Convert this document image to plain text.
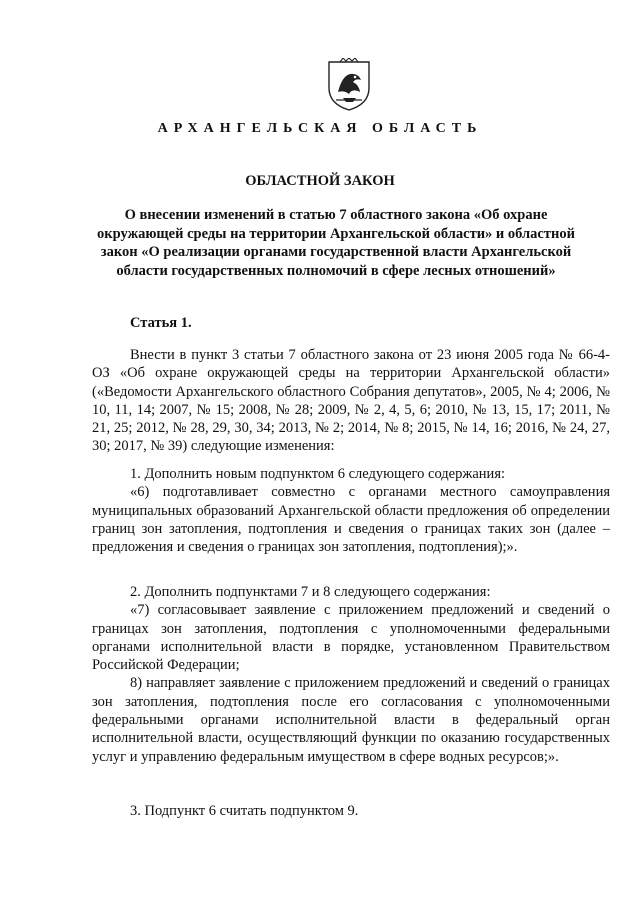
АРХАНГЕЛЬСКАЯ ОБЛАСТЬ
ОБЛАСТНОЙ ЗАКОН
О внесении изменений в статью 7 областного закона «Об охране окружающей среды на территории Архангельской области» и областной закон «О реализации органами государственной власти Архангельской области государственных полномочий в сфере лесных отношений»
Статья 1.

Внести в пункт 3 статьи 7 областного закона от 23 июня 2005 года № 66-4-ОЗ «Об охране окружающей среды на территории Архангельской области» («Ведомости Архангельского областного Собрания депутатов», 2005, № 4; 2006, № 10, 11, 14; 2007, № 15; 2008, № 28; 2009, № 2, 4, 5, 6; 2010, № 13, 15, 17; 2011, № 21, 25; 2012, № 28, 29, 30, 34; 2013, № 2; 2014, № 8; 2015, № 14, 16; 2016, № 24, 27, 30; 2017, № 39) следующие изменения:

1. Дополнить новым подпунктом 6 следующего содержания:

«6) подготавливает совместно с органами местного самоуправления муниципальных образований Архангельской области предложения об определении границ зон затопления, подтопления и сведения о границах таких зон (далее – предложения и сведения о границах зон затопления, подтопления);».

2. Дополнить подпунктами 7 и 8 следующего содержания:

«7) согласовывает заявление с приложением предложений и сведений о границах зон затопления, подтопления с уполномоченными федеральными органами исполнительной власти в порядке, установленном Правительством Российской Федерации;

8) направляет заявление с приложением предложений и сведений о границах зон затопления, подтопления после его согласования с уполномоченными федеральными органами исполнительной власти в федеральный орган исполнительной власти, осуществляющий функции по оказанию государственных услуг и управлению федеральным имуществом в сфере водных ресурсов;».

3. Подпункт 6 считать подпунктом 9.
